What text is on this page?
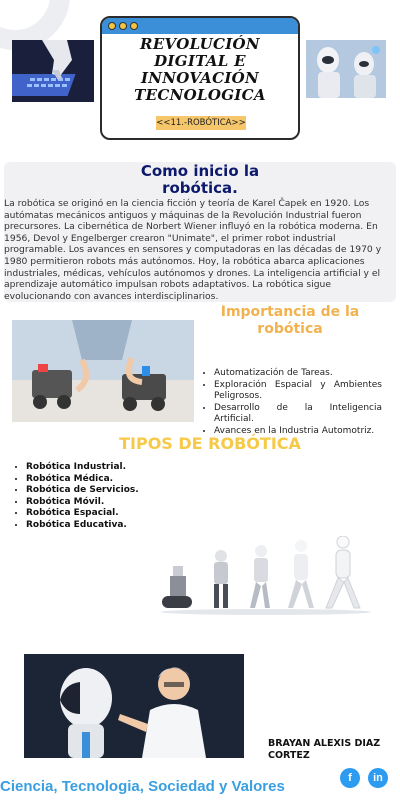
REVOLUCIÓN DIGITAL E INNOVACIÓN TECNOLOGICA
<<11.-ROBÓTICA>>
Como inicio la robótica.
La robótica se originó en la ciencia ficción y teoría de Karel Čapek en 1920. Los autómatas mecánicos antiguos y máquinas de la Revolución Industrial fueron precursores. La cibernética de Norbert Wiener influyó en la robótica moderna. En 1956, Devol y Engelberger crearon "Unimate", el primer robot industrial programable. Los avances en sensores y computadoras en las décadas de 1970 y 1980 permitieron robots más autónomos. Hoy, la robótica abarca aplicaciones industriales, médicas, vehículos autónomos y drones. La inteligencia artificial y el aprendizaje automático impulsan robots adaptativos. La robótica sigue evolucionando con avances interdisciplinarios.
Importancia de la robótica
• Automatización de Tareas.
• Exploración Espacial y Ambientes Peligrosos.
• Desarrollo de la Inteligencia Artificial.
• Avances en la Industria Automotriz.
TIPOS DE ROBÓTICA
• Robótica Industrial.
• Robótica Médica.
• Robótica de Servicios.
• Robótica Móvil.
• Robótica Espacial.
• Robótica Educativa.
BRAYAN ALEXIS DIAZ CORTEZ
f	in
Ciencia, Tecnologia, Sociedad y Valores
